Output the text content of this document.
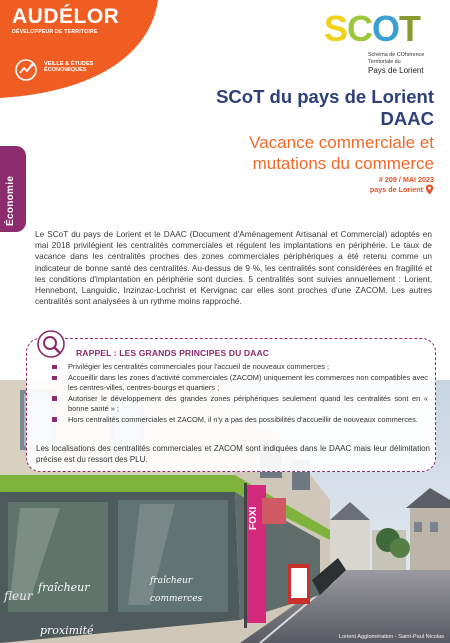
AUDÉLOR
DÉVELOPPEUR DE TERRITOIRE
VEILLE & ÉTUDES ÉCONOMIQUES
SCOT
Schéma de COhérence
Territoriale du
Pays de Lorient
Économie
SCoT du pays de Lorient
DAAC
Vacance commerciale et
mutations du commerce
# 209 / MAI 2023
pays de Lorient

Le SCoT du pays de Lorient et le DAAC (Document d'Aménagement Artisanal et Commercial) adoptés en mai 2018 privilégient les centralités commerciales et régulent les implantations en périphérie. Le taux de vacance dans les centralités proches des zones commerciales périphériques a été retenu comme un indicateur de bonne santé des centralités. Au-dessus de 9 %, les centralités sont considérées en fragilité et les conditions d'implantation en périphérie sont durcies. 5 centralités sont suivies annuellement : Lorient, Hennebont, Languidic, Inzinzac-Lochrist et Kervignac car elles sont proches d'une ZACOM. Les autres centralités sont analysées à un rythme moins rapproché.

fraîcheur
proximité
fraîcheur
commerces
fleur
FOXI
Lorient Agglomération - Saint-Paul Nicolas
RAPPEL : LES GRANDS PRINCIPES DU DAAC
Privilégier les centralités commerciales pour l'accueil de nouveaux commerces ;
Accueillir dans les zones d'activité commerciales (ZACOM) uniquement les commerces non compatibles avec les centres-villes, centres-bourgs et quartiers ;
Autoriser le développement des grandes zones périphériques seulement quand les centralités sont en « bonne santé » ;
Hors centralités commerciales et ZACOM, il n'y a pas des possibilités d'accueillir de nouveaux commerces.

Les localisations des centralités commerciales et ZACOM sont indiquées dans le DAAC mais leur délimitation précise est du ressort des PLU.
